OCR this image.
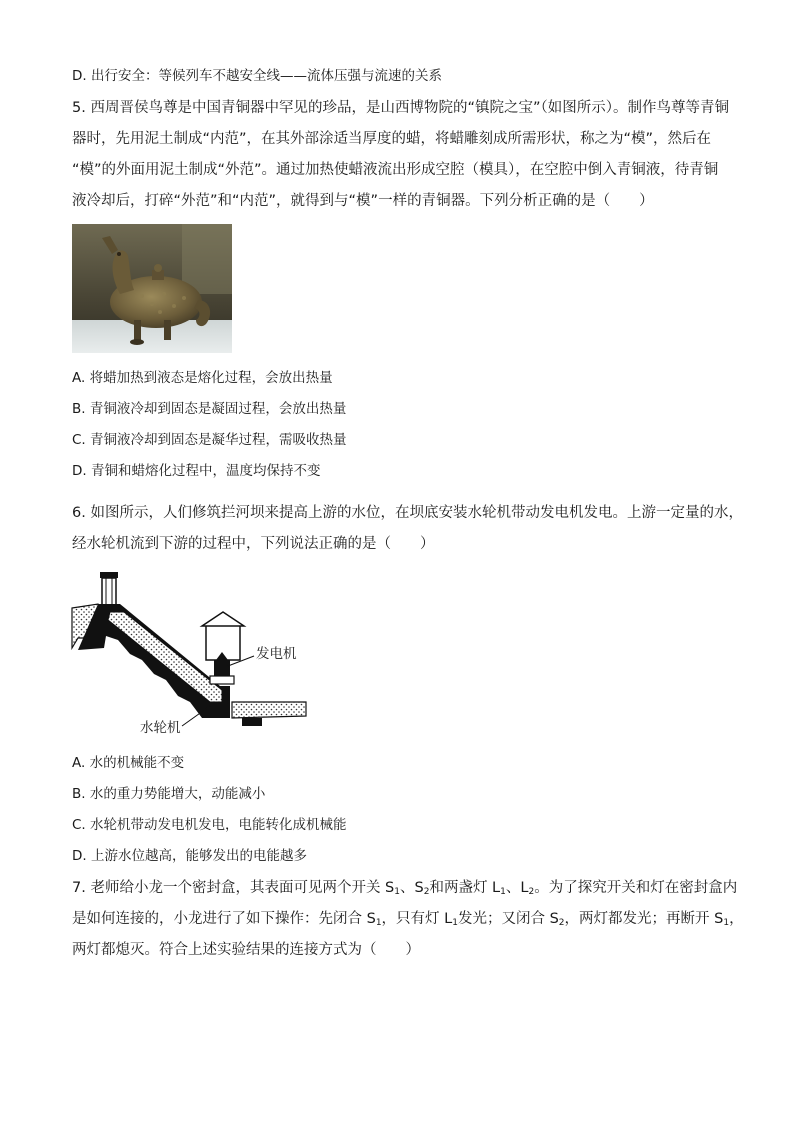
D. 出行安全：等候列车不越安全线——流体压强与流速的关系
5. 西周晋侯鸟尊是中国青铜器中罕见的珍品，是山西博物院的“镇院之宝”（如图所示）。制作鸟尊等青铜
器时，先用泥土制成“内范”，在其外部涂适当厚度的蜡，将蜡雕刻成所需形状，称之为“模”，然后在
“模”的外面用泥土制成“外范”。通过加热使蜡液流出形成空腔（模具），在空腔中倒入青铜液，待青铜
液冷却后，打碎“外范”和“内范”，就得到与“模”一样的青铜器。下列分析正确的是（　　）
A. 将蜡加热到液态是熔化过程，会放出热量
B. 青铜液冷却到固态是凝固过程，会放出热量
C. 青铜液冷却到固态是凝华过程，需吸收热量
D. 青铜和蜡熔化过程中，温度均保持不变
6. 如图所示，人们修筑拦河坝来提高上游的水位，在坝底安装水轮机带动发电机发电。上游一定量的水，
经水轮机流到下游的过程中，下列说法正确的是（　　）
发电机
水轮机
A. 水的机械能不变
B. 水的重力势能增大，动能减小
C. 水轮机带动发电机发电，电能转化成机械能
D. 上游水位越高，能够发出的电能越多
7. 老师给小龙一个密封盒，其表面可见两个开关 $S_1$、$S_2$和两盏灯 $L_1$、$L_2$。为了探究开关和灯在密封盒内
是如何连接的，小龙进行了如下操作：先闭合 $S_1$，只有灯 $L_1$发光；又闭合 $S_2$，两灯都发光；再断开 $S_1$，
两灯都熄灭。符合上述实验结果的连接方式为（　　）
